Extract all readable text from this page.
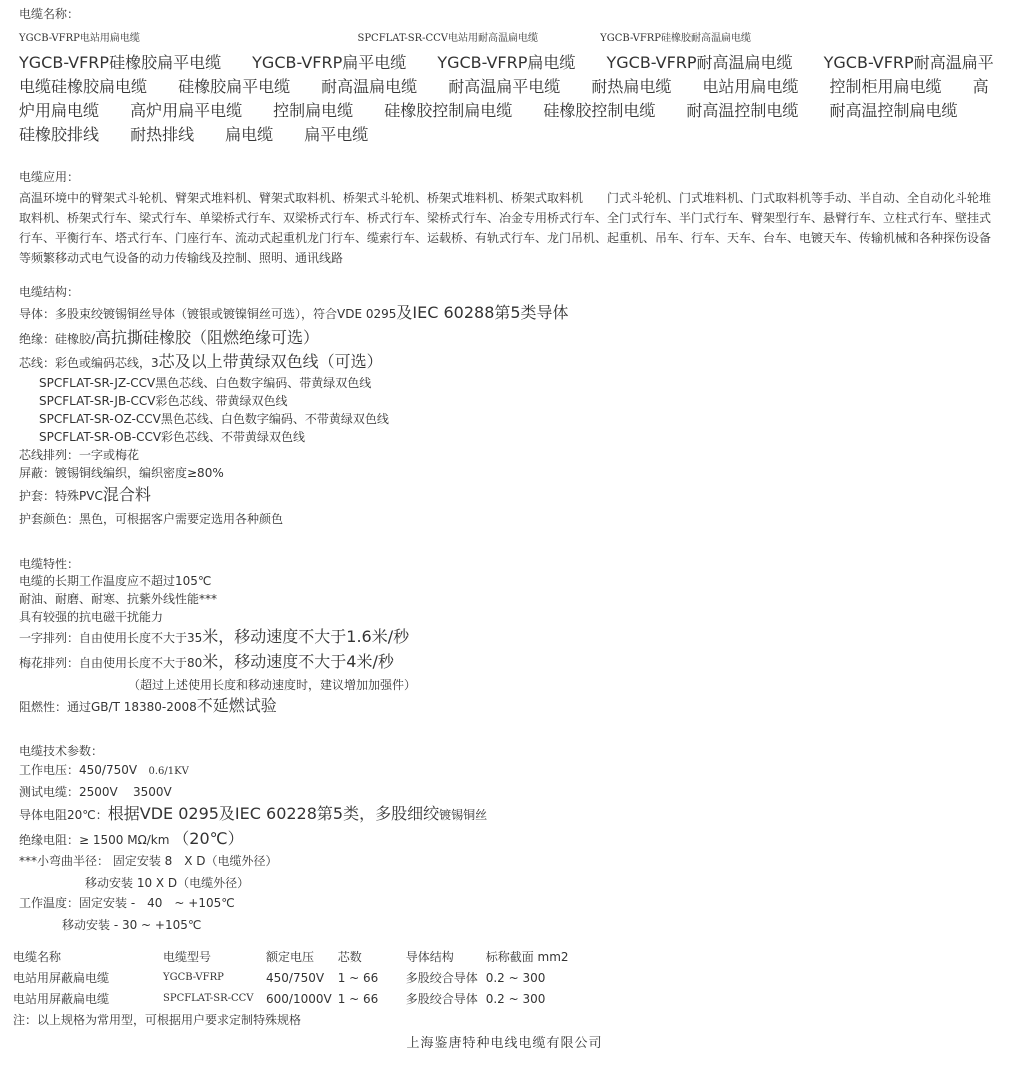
电缆名称：
YGCB-VFRP电站用扁电缆	SPCFLAT-SR-CCV电站用耐高温扁电缆	YGCB-VFRP硅橡胶耐高温扁电缆       YGCB-VFRP硅橡胶扁平电缆 YGCB-VFRP扁平电缆 YGCB-VFRP扁电缆 YGCB-VFRP耐高温扁电缆 YGCB-VFRP耐高温扁平电缆硅橡胶扁电缆 硅橡胶扁平电缆 耐高温扁电缆 耐高温扁平电缆 耐热扁电缆 电站用扁电缆 控制柜用扁电缆 高炉用扁电缆 高炉用扁平电缆 控制扁电缆 硅橡胶控制扁电缆 硅橡胶控制电缆 耐高温控制电缆 耐高温控制扁电缆 硅橡胶排线 耐热排线 扁电缆 扁平电缆
电缆应用：
高温环境中的臂架式斗轮机、臂架式堆料机、臂架式取料机、桥架式斗轮机、桥架式堆料机、桥架式取料机　　门式斗轮机、门式堆料机、门式取料机等手动、半自动、全自动化斗轮堆取料机、桥架式行车、梁式行车、单梁桥式行车、双梁桥式行车、桥式行车、梁桥式行车、冶金专用桥式行车、全门式行车、半门式行车、臂架型行车、悬臂行车、立柱式行车、壁挂式行车、平衡行车、塔式行车、门座行车、流动式起重机龙门行车、缆索行车、运载桥、有轨式行车、龙门吊机、起重机、吊车、行车、天车、台车、电镀天车、传输机械和各种探伤设备等频繁移动式电气设备的动力传输线及控制、照明、通讯线路
电缆结构：
导体：多股束绞镀锡铜丝导体（镀银或镀镍铜丝可选），符合VDE 0295及IEC 60288第5类导体
绝缘：硅橡胶/高抗撕硅橡胶（阻燃绝缘可选）
芯线：彩色或编码芯线，3芯及以上带黄绿双色线（可选）
SPCFLAT-SR-JZ-CCV黑色芯线、白色数字编码、带黄绿双色线
SPCFLAT-SR-JB-CCV彩色芯线、带黄绿双色线
SPCFLAT-SR-OZ-CCV黑色芯线、白色数字编码、不带黄绿双色线
SPCFLAT-SR-OB-CCV彩色芯线、不带黄绿双色线
芯线排列：一字或梅花
屏蔽：镀锡铜线编织，编织密度≥80%
护套：特殊PVC混合料
护套颜色：黑色，可根据客户需要定选用各种颜色
电缆特性：
电缆的长期工作温度应不超过105℃
耐油、耐磨、耐寒、抗紫外线性能***
具有较强的抗电磁干扰能力
一字排列：自由使用长度不大于35米，移动速度不大于1.6米/秒
梅花排列：自由使用长度不大于80米，移动速度不大于4米/秒
（超过上述使用长度和移动速度时，建议增加加强件）
阻燃性：通过GB/T 18380-2008不延燃试验
电缆技术参数：
工作电压：450/750V 0.6/1KV
测试电缆：2500V 3500V
导体电阻20℃：根据VDE 0295及IEC 60228第5类，多股细绞镀锡铜丝
绝缘电阻：≥ 1500 MΩ/km （20℃）
***小弯曲半径： 固定安装 8　X D（电缆外径）
移动安装 10 X D（电缆外径）
工作温度：固定安装 -　40　~ +105℃
移动安装 - 30 ~ +105℃
电缆名称	电缆型号	额定电压	芯数	导体结构	标称截面 mm2
电站用屏蔽扁电缆	YGCB-VFRP	450/750V	1 ~ 66	多股绞合导体	0.2 ~ 300
电站用屏蔽扁电缆	SPCFLAT-SR-CCV	600/1000V	1 ~ 66	多股绞合导体	0.2 ~ 300
注：以上规格为常用型，可根据用户要求定制特殊规格					
上海鉴唐特种电线电缆有限公司
